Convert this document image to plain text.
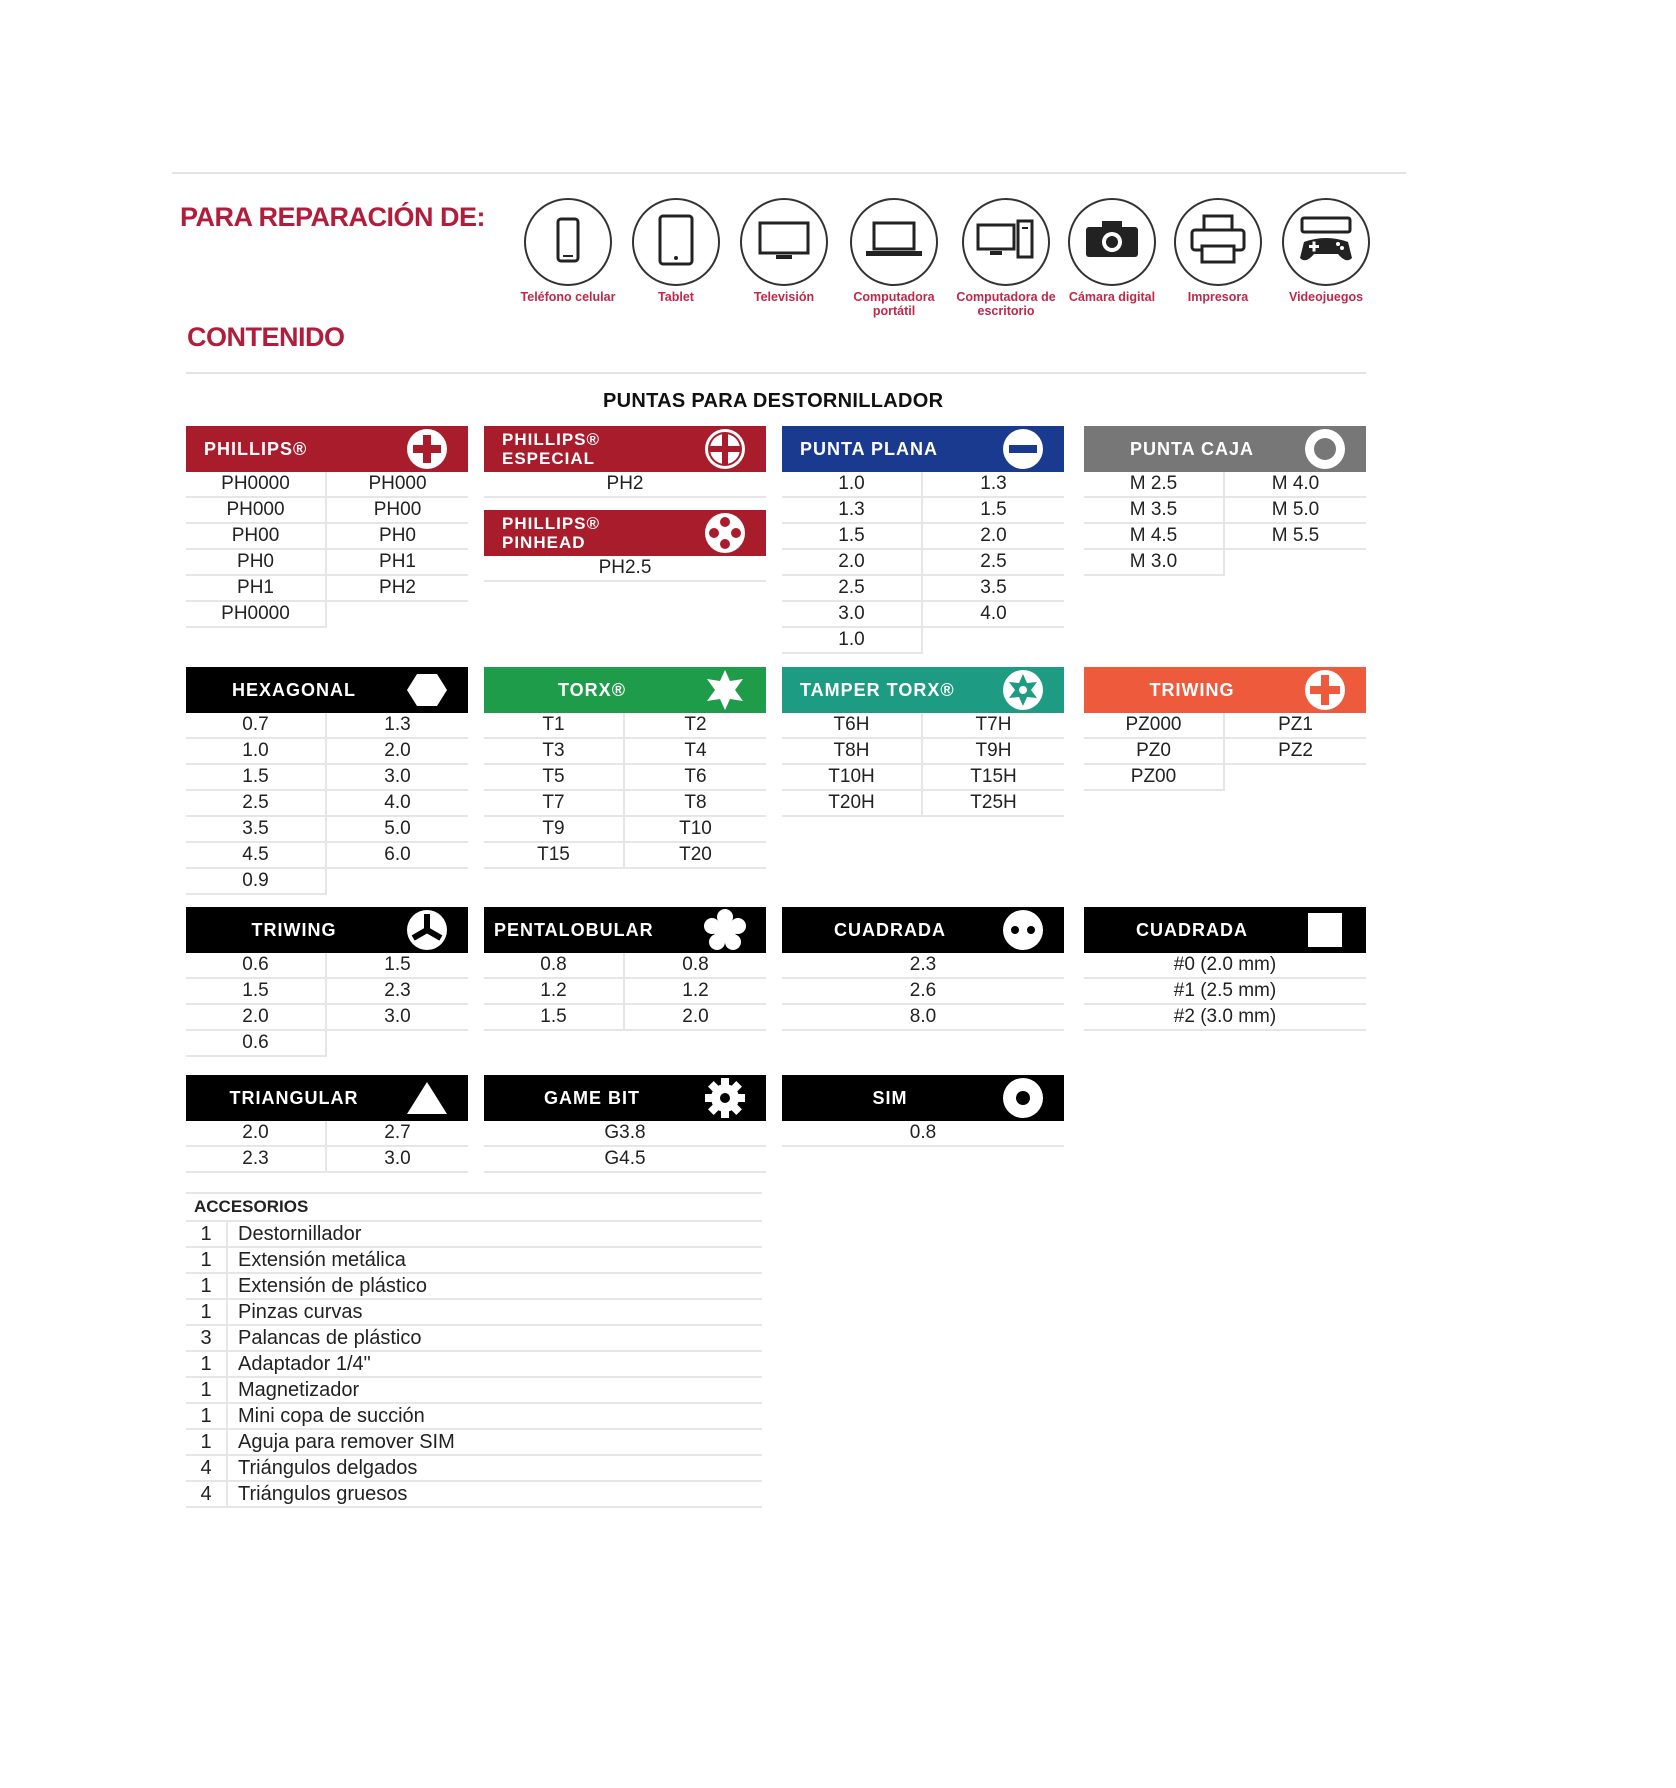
PARA REPARACIÓN DE:
Teléfono celular	Tablet	Televisión	Computadora portátil
Computadora de escritorio
Cámara digital	Impresora	Videojuegos
CONTENIDO
PUNTAS PARA DESTORNILLADOR
PHILLIPS®
PH0000	PH000
PH000	PH00
PH00	PH0
PH0	PH1
PH1	PH2
PH0000
PHILLIPS®
ESPECIAL
PH2
PHILLIPS®
PINHEAD
PH2.5
PUNTA PLANA
1.0	1.3
1.3	1.5
1.5	2.0
2.0	2.5
2.5	3.5
3.0	4.0
1.0
PUNTA CAJA
M 2.5	M 4.0
M 3.5	M 5.0
M 4.5	M 5.5
M 3.0
HEXAGONAL
0.7	1.3
1.0	2.0
1.5	3.0
2.5	4.0
3.5	5.0
4.5	6.0
0.9
TORX®
T1	T2
T3	T4
T5	T6
T7	T8
T9	T10
T15	T20
TAMPER TORX®
T6H	T7H
T8H	T9H
T10H	T15H
T20H	T25H
TRIWING
PZ000	PZ1
PZ0	PZ2
PZ00
TRIWING
0.6	1.5
1.5	2.3
2.0	3.0
0.6
PENTALOBULAR
0.8	0.8
1.2	1.2
1.5	2.0
CUADRADA
2.3
2.6
8.0
CUADRADA
#0 (2.0 mm)
#1 (2.5 mm)
#2 (3.0 mm)
TRIANGULAR
2.0	2.7
2.3	3.0
GAME BIT
G3.8
G4.5
SIM
0.8
ACCESORIOS
1	Destornillador
1	Extensión metálica
1	Extensión de plástico
1	Pinzas curvas
3	Palancas de plástico
1	Adaptador 1/4"
1	Magnetizador
1	Mini copa de succión
1	Aguja para remover SIM
4	Triángulos delgados
4	Triángulos gruesos
